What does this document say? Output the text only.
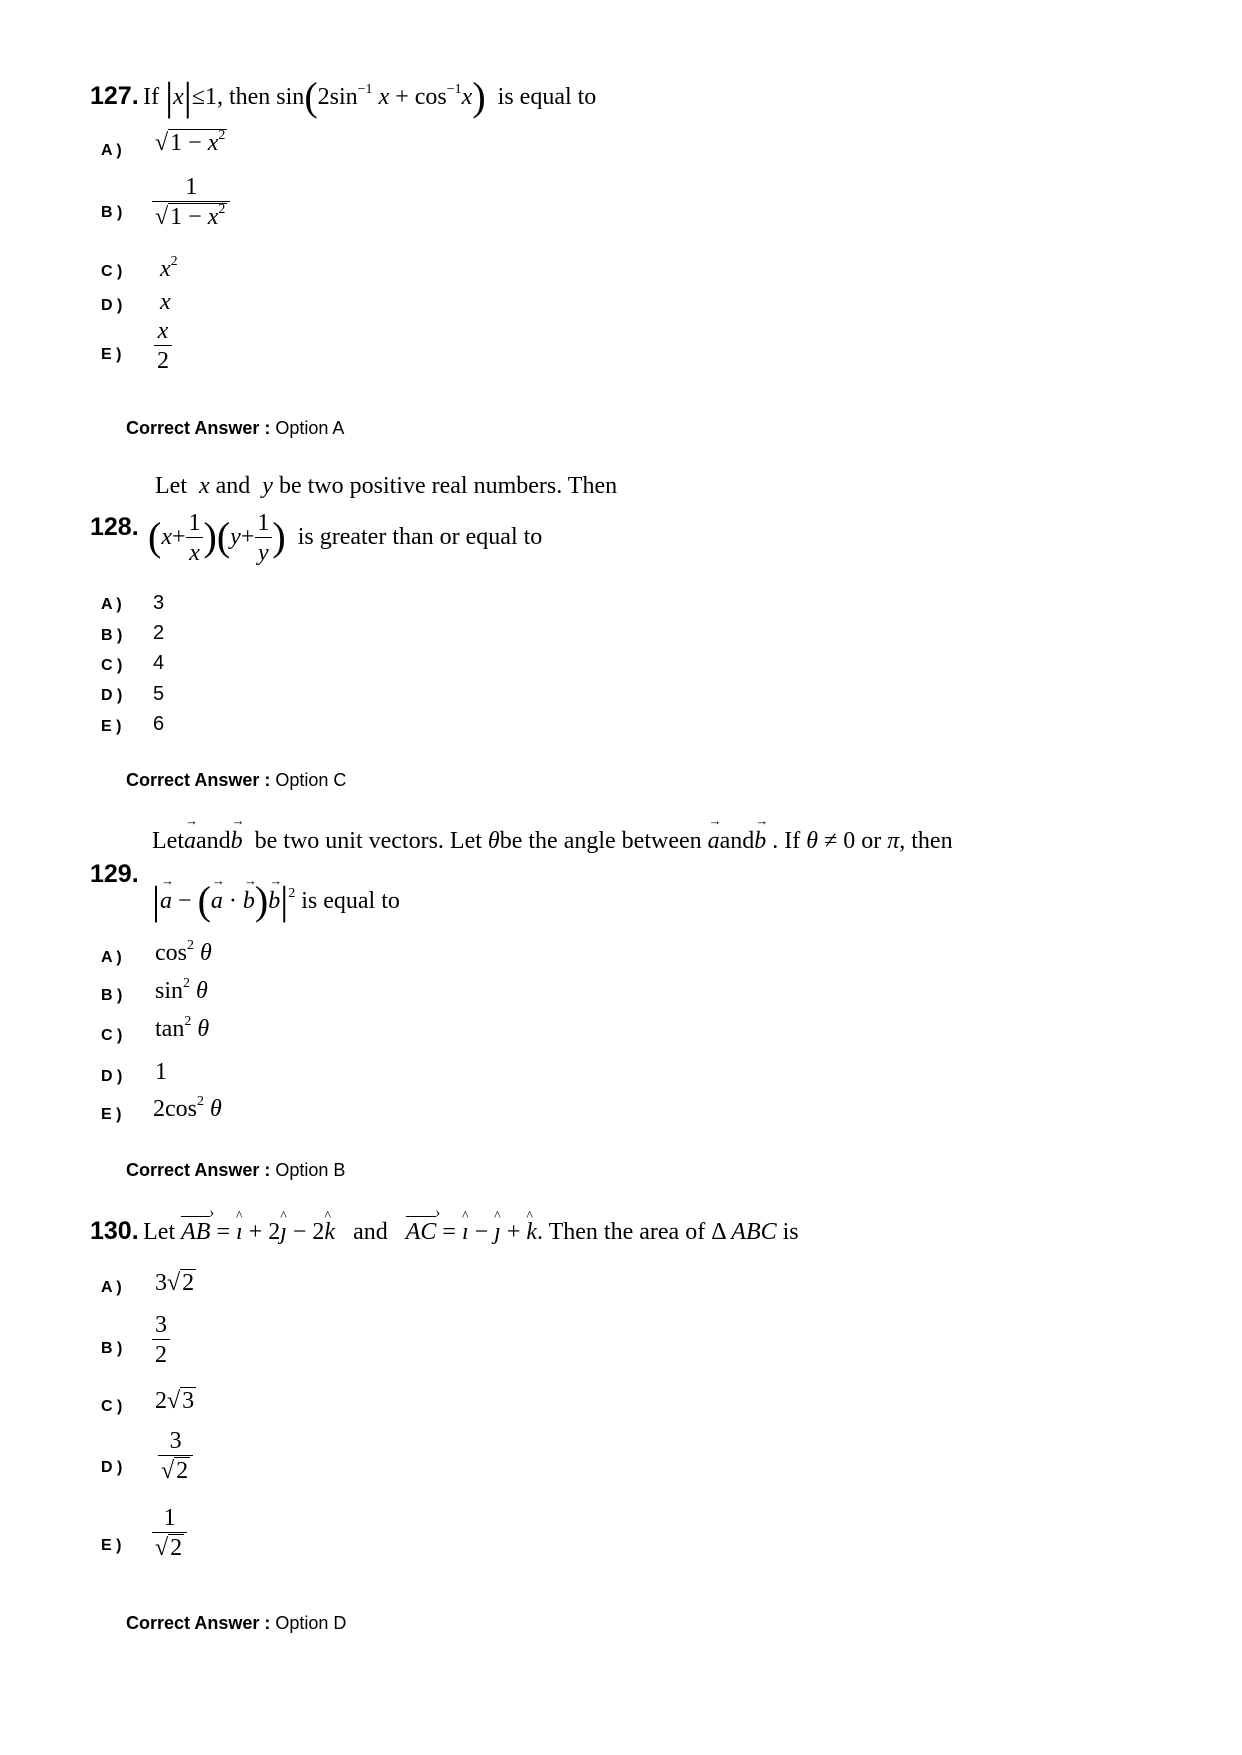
127. If |x|≤1, then $\sin(2\sin^{-1}$ $x + \cos^{-1}x$) is equal to
A ) $√1 - x^2$
B ) $\frac{1}{√1 - x^2}$
C ) $x^2$
D ) x
E ) $\frac{x}{2}$
Correct Answer : Option A
Let x and y be two positive real numbers. Then
128. $(x+ \frac{1}{x} )(y+ \frac{1}{y}$ ) is greater than or equal to
A ) 3
B ) 2
C ) 4
D ) 5
E ) 6
Correct Answer : Option C
Let→ aand→ b be two unit vectors. Let θbe the angle between → aand→ b . If θ ≠ 0 or π, then
129.
|→ a − (→ a · → $b)\to b|^2$ is equal to
A ) $\cos^2 \theta$
B ) $\sin^2 \theta$
C ) $\tan^2 \theta$
D ) 1
E ) $2\cos^2$ θ
Correct Answer : Option B
130. Let AB › = ^ ı + 2^ ȷ − 2^ k and AC › = ^ ı − ^ ȷ + ^ k. Then the area of Δ ABC is
A ) 3√2
B ) $\frac{3}{2}$
C ) 2√3
D ) $\frac{3}{√2}$
E ) $\frac{1}{√2}$
Correct Answer : Option D
